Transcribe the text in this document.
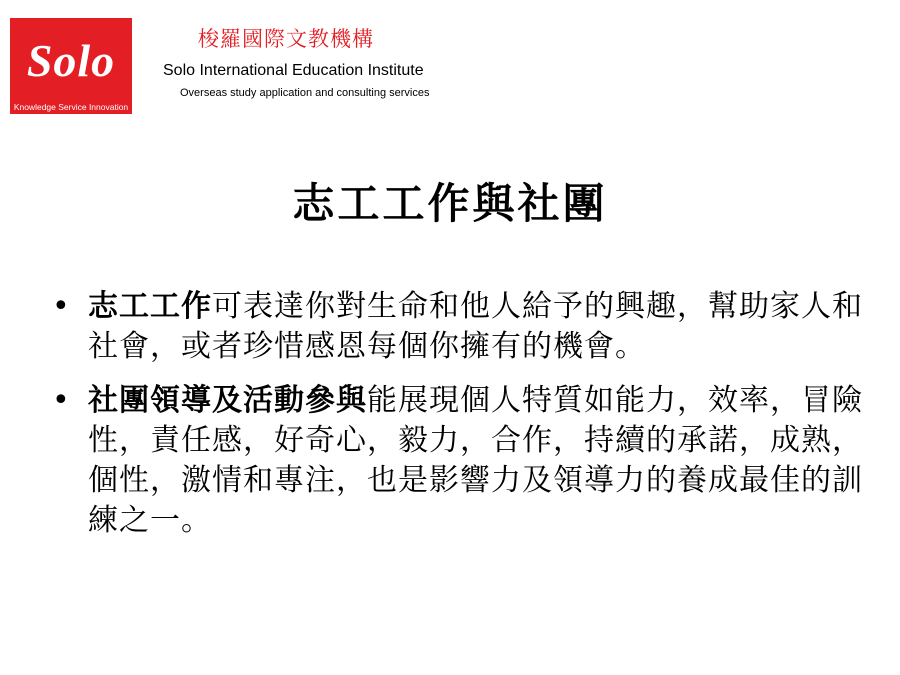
Solo
Knowledge Service Innovation
梭羅國際文教機構
Solo International Education Institute
Overseas study application and consulting services
志工工作與社團
• 志工工作可表達你對生命和他人給予的興趣，幫助家人和社會，或者珍惜感恩每個你擁有的機會。
• 社團領導及活動參與能展現個人特質如能力，效率，冒險性，責任感，好奇心，毅力，合作，持續的承諾，成熟，個性，激情和專注，也是影響力及領導力的養成最佳的訓練之一。
